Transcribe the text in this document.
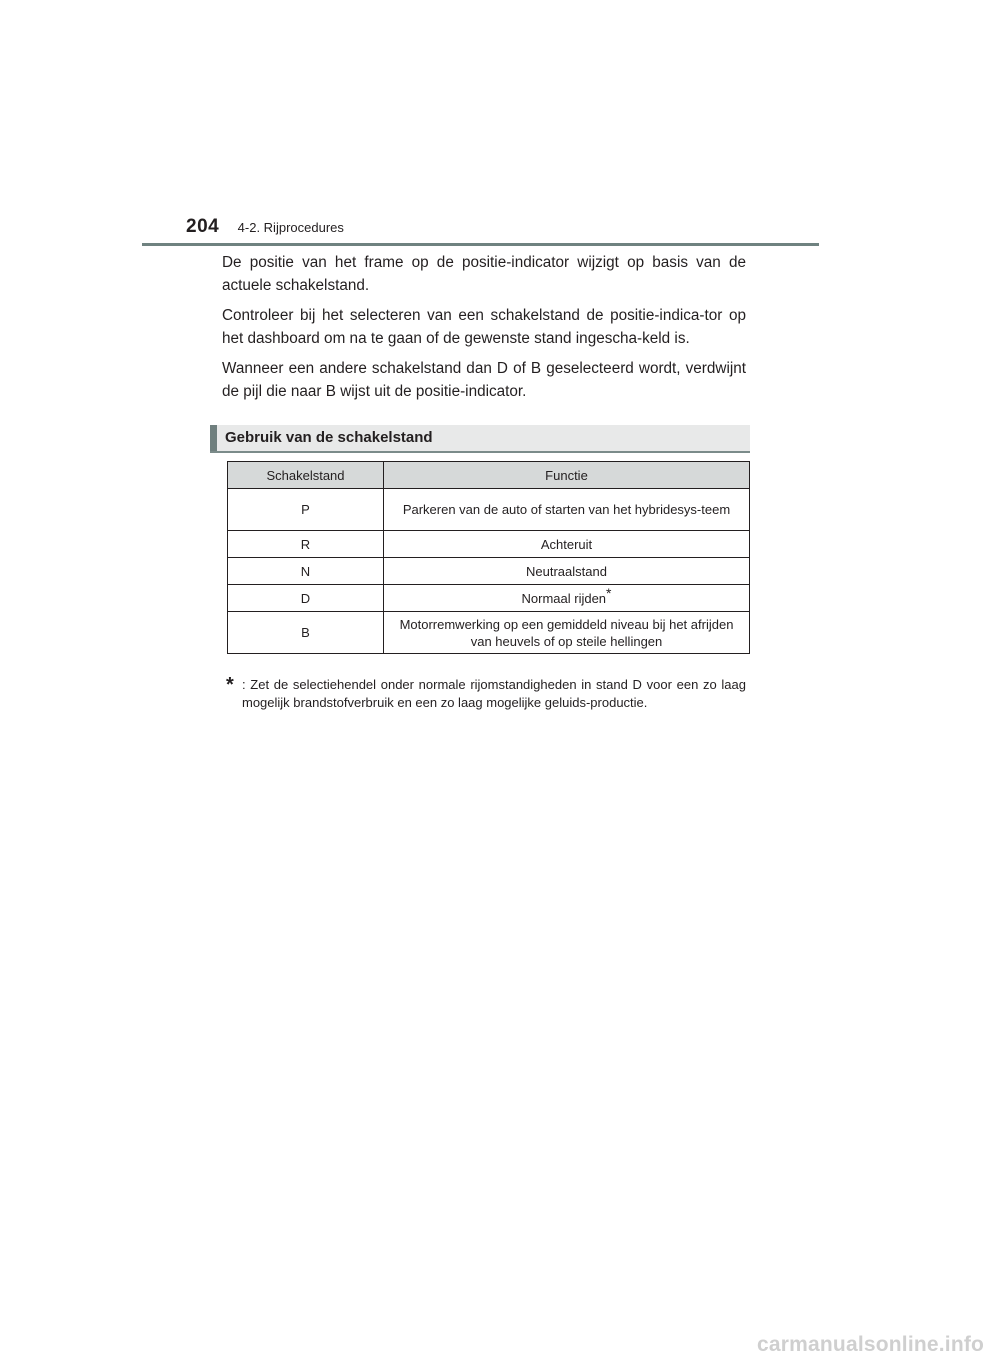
204 4-2. Rijprocedures

De positie van het frame op de positie-indicator wijzigt op basis van de actuele schakelstand.

Controleer bij het selecteren van een schakelstand de positie-indica-tor op het dashboard om na te gaan of de gewenste stand ingescha-keld is.

Wanneer een andere schakelstand dan D of B geselecteerd wordt, verdwijnt de pijl die naar B wijst uit de positie-indicator.

Gebruik van de schakelstand
Schakelstand	Functie
P	Parkeren van de auto of starten van het hybridesys-teem
R	Achteruit
N	Neutraalstand
D	Normaal rijden*
B	Motorremwerking op een gemiddeld niveau bij het afrijden van heuvels of op steile hellingen
* : Zet de selectiehendel onder normale rijomstandigheden in stand D voor een zo laag mogelijk brandstofverbruik en een zo laag mogelijke geluids-productie.
carmanualsonline.info
